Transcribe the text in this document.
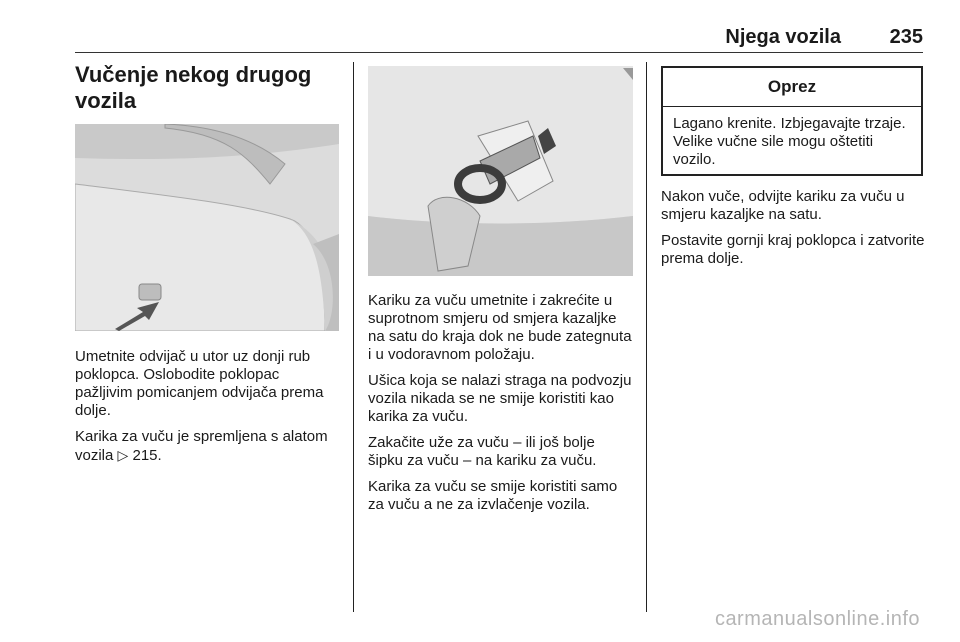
Njega vozila 235
Vučenje nekog drugog vozila

Umetnite odvijač u utor uz donji rub poklopca. Oslobodite poklopac pažljivim pomicanjem odvijača prema dolje.

Karika za vuču je spremljena s alatom vozila ▷ 215.

Kariku za vuču umetnite i zakrećite u suprotnom smjeru od smjera kazaljke na satu do kraja dok ne bude zategnuta i u vodoravnom položaju.

Ušica koja se nalazi straga na podvozju vozila nikada se ne smije koristiti kao karika za vuču.

Zakačite uže za vuču – ili još bolje šipku za vuču – na kariku za vuču.

Karika za vuču se smije koristiti samo za vuču a ne za izvlačenje vozila.

Oprez
Lagano krenite. Izbjegavajte trzaje. Velike vučne sile mogu oštetiti vozilo.

Nakon vuče, odvijte kariku za vuču u smjeru kazaljke na satu.

Postavite gornji kraj poklopca i zatvorite prema dolje.

carmanualsonline.info
